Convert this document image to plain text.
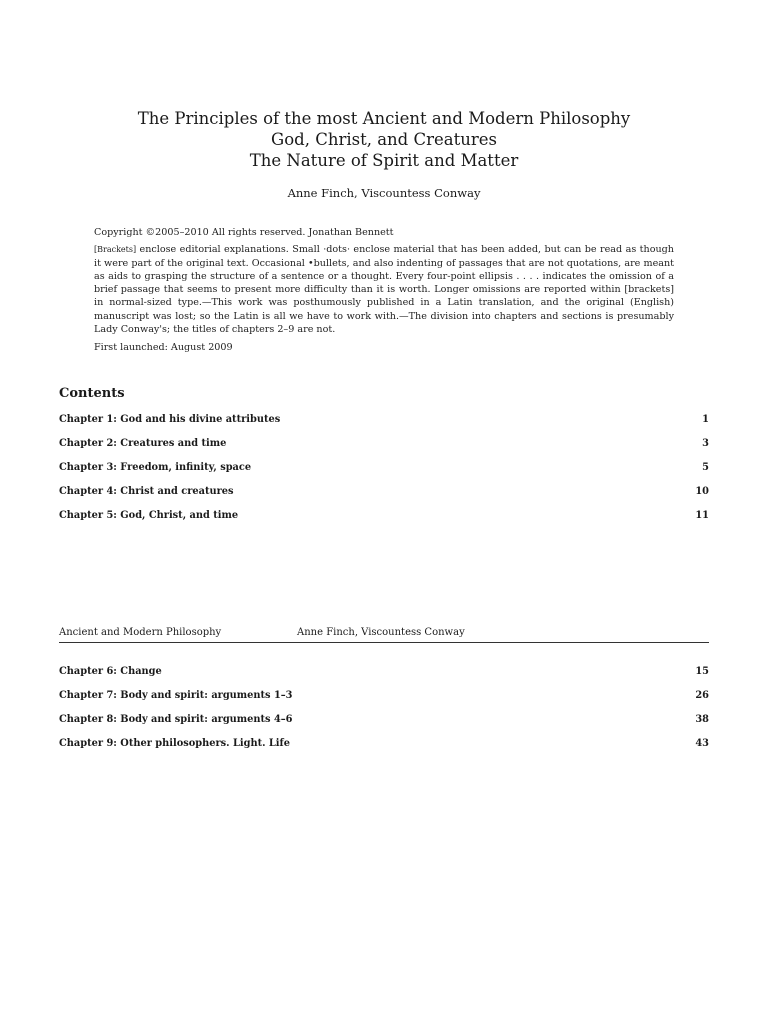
The Principles of the most Ancient and Modern Philosophy

God, Christ, and Creatures

The Nature of Spirit and Matter

Anne Finch, Viscountess Conway

Copyright ©2005–2010 All rights reserved. Jonathan Bennett

[Brackets] enclose editorial explanations. Small ·dots· enclose material that has been added, but can be read as though it were part of the original text. Occasional •bullets, and also indenting of passages that are not quotations, are meant as aids to grasping the structure of a sentence or a thought. Every four-point ellipsis . . . . indicates the omission of a brief passage that seems to present more difficulty than it is worth. Longer omissions are reported within [brackets] in normal-sized type.—This work was posthumously published in a Latin translation, and the original (English) manuscript was lost; so the Latin is all we have to work with.—The division into chapters and sections is presumably Lady Conway's; the titles of chapters 2–9 are not.

First launched: August 2009

Contents
Chapter 1: God and his divine attributes	1
Chapter 2: Creatures and time	3
Chapter 3: Freedom, infinity, space	5
Chapter 4: Christ and creatures	10
Chapter 5: God, Christ, and time	11
Ancient and Modern Philosophy	Anne Finch, Viscountess Conway
Chapter 6: Change	15
Chapter 7: Body and spirit: arguments 1–3	26
Chapter 8: Body and spirit: arguments 4–6	38
Chapter 9: Other philosophers. Light. Life	43
